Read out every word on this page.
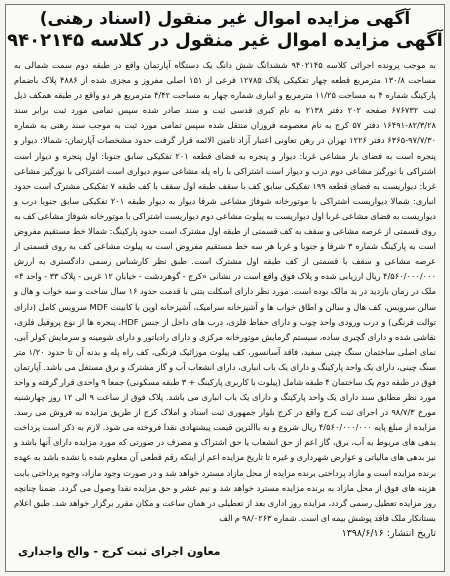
آگهی مزایده اموال غیر منقول (اسناد رهنی)
آگهی مزایده اموال غیر منقول در کلاسه ۹۴۰۲۱۴۵

به موجب پرونده اجرائی کلاسه ۹۴۰۲۱۴۵ ششدانگ شش دانگ یک دستگاه آپارتمان واقع در طبقه دوم سمت شمالی به مساحت ۱۳۰/۸ مترمربع قطعه چهار تفکیکی پلاک ۱۲۷۸۵ فرعی از ۱۵۱ اصلی مفروز و مجزی شده از ۴۸۸۶ پلاک باضمام پارکینگ شماره ۴ به مساحت ۱۱/۲۵ مترمربع و انباری شماره چهار به مساحت ۴/۴۲ مترمربع هر دو واقع در طبقه همکف ذیل ثبت ۶۷۶۷۳۲ صفحه ۲۰۲ دفتر ۲۱۳۸ به نام کبری قدسی ثبت و سند صادر شده سپس تمامی مورد ثبت برابر سند ۸۲/۳/۲۸-۱۶۴۹۱ دفتر ۵۷ کرج به نام معصومه فروزان منتقل شده سپس تمامی مورد ثبت به موجب سند رهنی به شماره ۹۷/۷/۳۰-۶۳۶۵ دفتر ۱۲۲۶ تهران در رهن تعاونی اعتبار آزاد تامین الائمه قرار گرفت حدود مشخصات آپارتمان: شمالا: دیوار و پنجره است به فضای باز مشاعی غربا: دیوار و پنجره به فضای قطعه ۲۰۱ تفکیکی سابق جنوبا: اول پنجره و دیوار است اشتراکی با نورگیر مشاعی دوم درب و دیوار است اشتراکی با راه پله مشاعی سوم دیواری است اشتراکی با نورگیر مشاعی غربا: دیواریست به فضای قطعه ۱۹۹ تفکیکی سابق کف با سقف طبقه اول سقف با کف طبقه ۷ تفکیکی مشترک است حدود انباری: شمالا دیواریست اشتراکی با موتورخانه شوفاژ مشاعی شرقا دیوار به دیوار طبقه ۲۰۱ تفکیکی سابق جنوبا درب و دیواریست به فضای مشاعی غربا اول دیواریست به پیلوت مشاعی دوم دیواریست اشتراکی با موتورخانه شوفاژ مشاعی کف به روی قسمتی از عرصه مشاعی و سقف به کف قسمتی از طبقه اول مشترک است حدود پارکینگ: شمالا خط مستقیم مفروض است به پارکینگ شماره ۳ شرقا و جنوبا و غربا هر سه خط مستقیم مفروض است به پیلوت مشاعی کف به روی قسمتی از عرصه مشاعی و سقف با قسمتی از کف طبقه اول مشترک است. طبق نظر کارشناس رسمی دادگستری به ارزش ۴/۵۶۰/۰۰۰/۰۰۰ ریال ارزیابی شده و پلاک فوق واقع است در نشانی «کرج - گوهردشت - خیابان ۱۲ غربی - پلاک ۳۳ - واحد ۴» ملک در زمان بازدید در ید مالک بوده است. مورد نظر دارای اسکلت بتنی با قدمت حدود ۱۶ سال ساخت و سه خواب و هال و سالن سرویس، کف هال و سالن و اطاق خواب ها و آشپزخانه سرامیک، آشپزخانه اوپن با کابینت MDF سرویس کامل (دارای توالت فرنگی) و درب ورودی واحد چوب و دارای حفاظ فلزی، درب های داخل از جنس HDF، پنجره ها از نوع پروفیل فلزی، نقاشی شده و دارای گچبری ساده، سیستم گرمایش موتورخانه مرکزی و دارای رادیاتور و دارای شومینه و سرمایش کولر آبی، نمای اصلی ساختمان سنگ چینی سفید، فاقد آسانسور، کف پیلوت موزائیک فرنگی، کف راه پله و بدنه آن تا حدود ۱/۲۰ متر سنگ چینی، دارای یک واحد پارکینگ و دارای یک باب انباری، دارای انشعاب آب و گاز مشترک و برق مستقل می باشد. آپارتمان فوق در طبقه دوم یک ساختمان ۴ طبقه شامل (پیلوت با کاربری پارکینگ + ۳ طبقه مسکونی) جمعا ۹ واحدی قرار گرفته و واحد مورد نظر مطابق سند دارای یک واحد پارکینگ و دارای یک باب انباری می باشد. پلاک فوق از ساعت ۹ الی ۱۲ روز چهارشنبه مورخ ۹۸/۷/۳ در اجرای ثبت کرج واقع در کرج بلوار جمهوری ثبت اسناد و املاک کرج از طریق مزایده به فروش می رسد. مزایده از مبلغ پایه ۴/۵۶۰/۰۰۰/۰۰۰ ریال شروع و به باالترین قیمت پیشنهادی نقدا فروخته می شود. لازم به ذکر است پرداخت بدهی های مربوط به آب، برق، گاز اعم از حق انشعاب یا حق اشتراک و مصرف در صورتی که مورد مزایده دارای آنها باشد و نیز بدهی های مالیاتی و عوارض شهرداری و غیره تا تاریخ مزایده اعم از اینکه رقم قطعی آن معلوم شده یا نشده باشد به عهده برنده مزایده است و مازاد پرداختی برنده مزایده از محل مازاد مسترد خواهد شد و در صورت وجود مازاد، وجوه پرداختی بابت هزینه های فوق از محل مازاد به برنده مزایده مسترد خواهد شد و نیم عشر و حق مزایده نقدا وصول می گردد. ضمنا چنانچه روز مزایده تعطیل رسمی گردد، مزایده روز اداری بعد از تعطیلی در همان ساعت و مکان مقرر برگزار خواهد شد. طبق اعلام بستانکار ملک فاقد پوشش بیمه ای است. شماره ۹۸/۰۲۶۳ م الف

تاریخ انتشار: ۱۳۹۸/۶/۱۶

معاون اجرای ثبت کرج - والح واجداری
